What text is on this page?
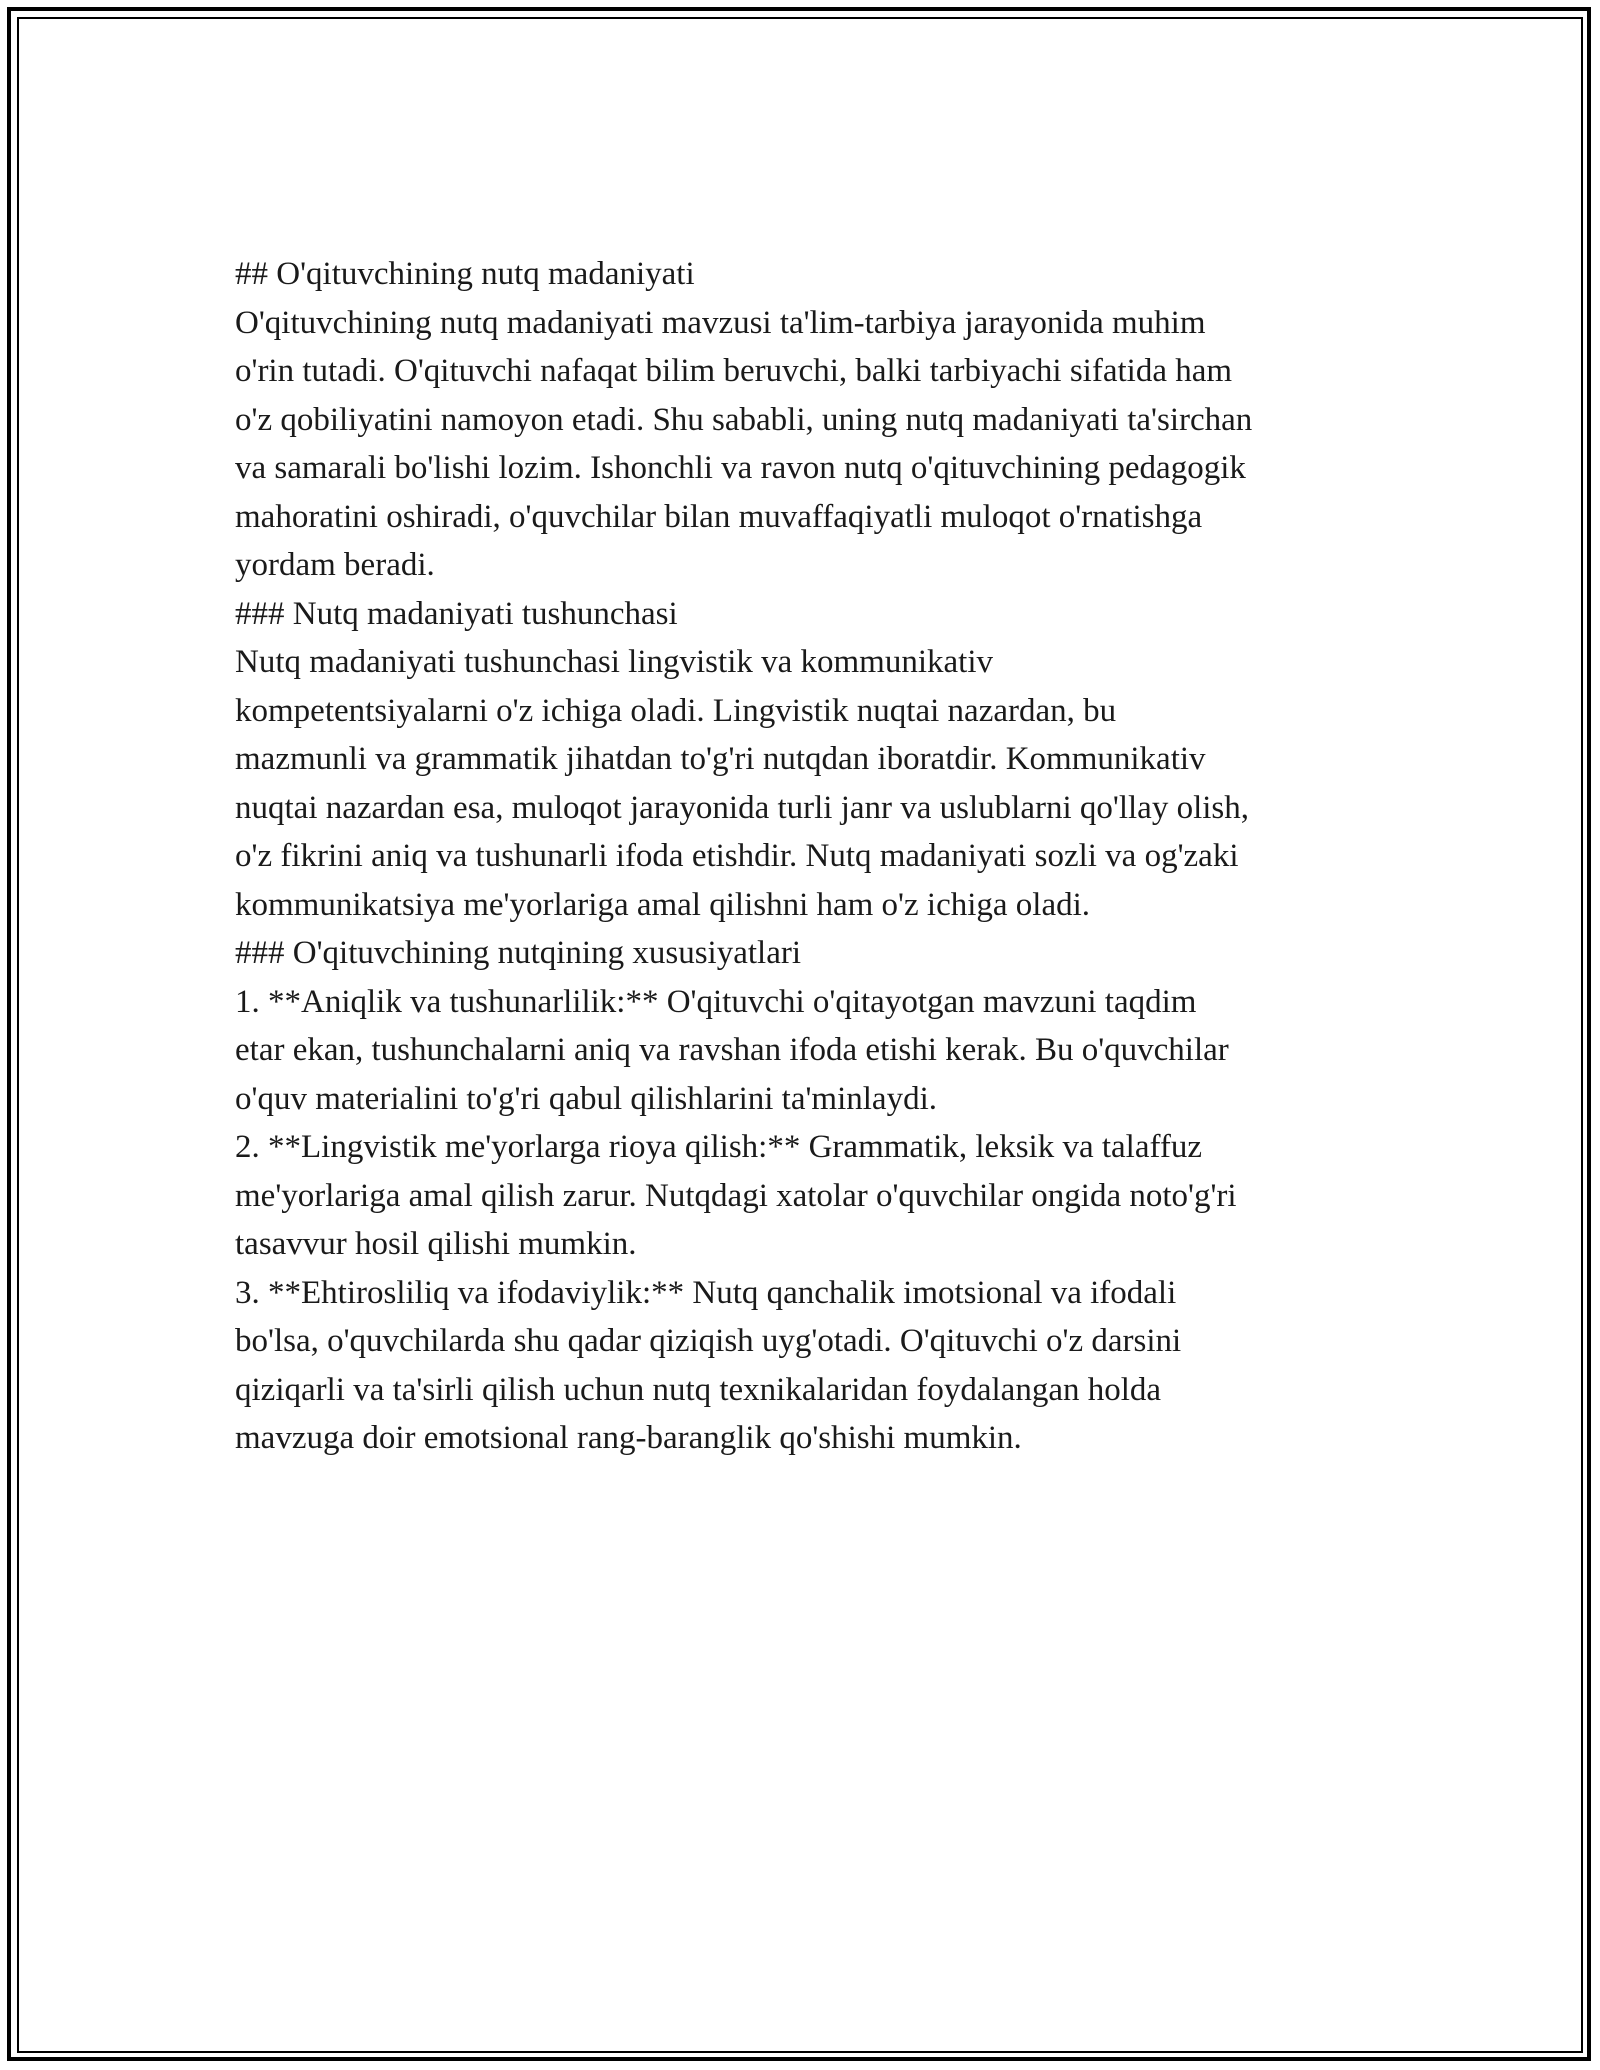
## O'qituvchining nutq madaniyati

O'qituvchining nutq madaniyati mavzusi ta'lim-tarbiya jarayonida muhim
o'rin tutadi. O'qituvchi nafaqat bilim beruvchi, balki tarbiyachi sifatida ham
o'z qobiliyatini namoyon etadi. Shu sababli, uning nutq madaniyati ta'sirchan
va samarali bo'lishi lozim. Ishonchli va ravon nutq o'qituvchining pedagogik
mahoratini oshiradi, o'quvchilar bilan muvaffaqiyatli muloqot o'rnatishga
yordam beradi.

### Nutq madaniyati tushunchasi

Nutq madaniyati tushunchasi lingvistik va kommunikativ
kompetentsiyalarni o'z ichiga oladi. Lingvistik nuqtai nazardan, bu
mazmunli va grammatik jihatdan to'g'ri nutqdan iboratdir. Kommunikativ
nuqtai nazardan esa, muloqot jarayonida turli janr va uslublarni qo'llay olish,
o'z fikrini aniq va tushunarli ifoda etishdir. Nutq madaniyati sozli va og'zaki
kommunikatsiya me'yorlariga amal qilishni ham o'z ichiga oladi.

### O'qituvchining nutqining xususiyatlari

1. **Aniqlik va tushunarlilik:** O'qituvchi o'qitayotgan mavzuni taqdim
etar ekan, tushunchalarni aniq va ravshan ifoda etishi kerak. Bu o'quvchilar
o'quv materialini to'g'ri qabul qilishlarini ta'minlaydi.

2. **Lingvistik me'yorlarga rioya qilish:** Grammatik, leksik va talaffuz
me'yorlariga amal qilish zarur. Nutqdagi xatolar o'quvchilar ongida noto'g'ri
tasavvur hosil qilishi mumkin.

3. **Ehtirosliliq va ifodaviylik:** Nutq qanchalik imotsional va ifodali
bo'lsa, o'quvchilarda shu qadar qiziqish uyg'otadi. O'qituvchi o'z darsini
qiziqarli va ta'sirli qilish uchun nutq texnikalaridan foydalangan holda
mavzuga doir emotsional rang-baranglik qo'shishi mumkin.
